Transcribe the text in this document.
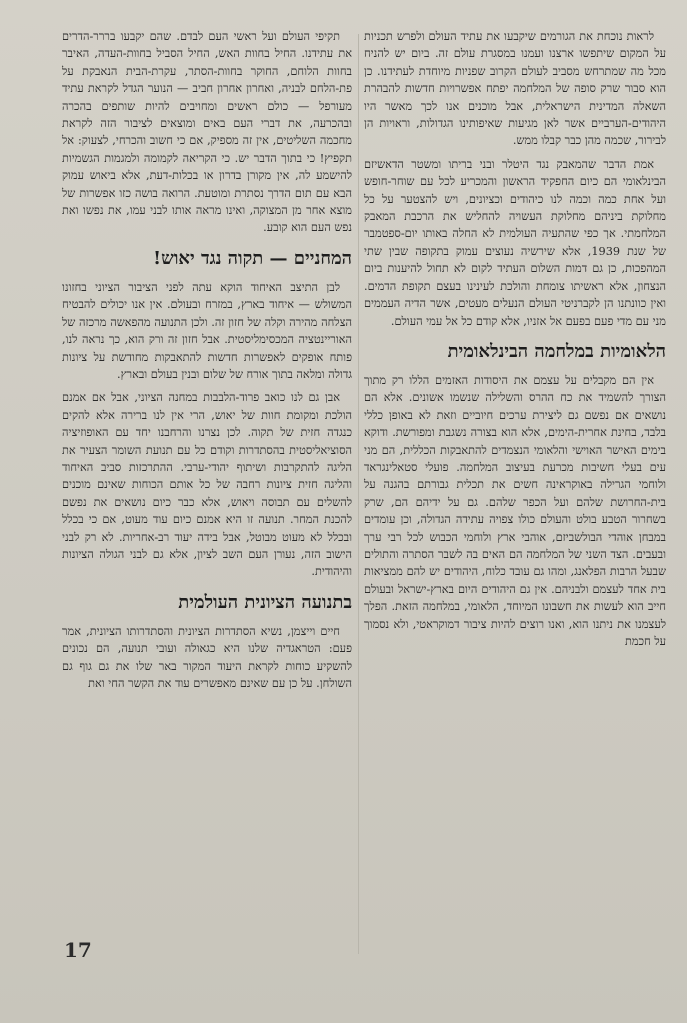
לראות נוכחת את הגורמים שיקבעו את עתיד העולם ולפרש תכניות על המקום שיתפשו ארצנו ועמנו במסגרת עולם זה. ביום יש להניח מכל מה שמתרחש מסביב לעולם הקרוב שפניות מיוחדת לעתידנו. כן הוא סבור שרק סופה של המלחמה יפתח אפשרויות חדשות להבהרת השאלה המדינית הישראלית, אבל מוכנים אנו לכך מאשר היו היהודים-הערביים אשר לאן מגיעות שאיפותינו הגדולות, וראויות הן לבירור, שכמה מהן כבר קבלו ממש.

אמת הדבר שהמאבק נגד היטלר ובני בריתו ומשטר הדאשיזם הבינלאומי הם כיום החפקיד הראשון והמכריע לכל עם שוחר-חופש ועל אחת כמה וכמה לנו כיהודים וכציונים, ויש להצטער על כל מחלוקת ביניהם מחלוקת העשויה להחליש את הרכבת המאבק המלחמתי. אך כפי שהתעיה העולמית לא החלה באותו יום-ספטמבר של שנת 1939, אלא שירשיה נעוצים עמוק בתקופה שבין שתי המהפכות, כן גם דמות השלום העתיד לקום לא תחול להיענות ביום הנצחון, אלא ראשיתו צומחת והולכת לעינינו בעצם תקופת הדמים. ואין כוונתנו הן לקברניטי העולם הנעלים מעטים, אשר הדיה העממים מני עם מדי פעם בפעם אל אזניו, אלא קודם כל אל עמי העולם.

הלאומיות במלחמה הבינלאומית

אין הם מקבלים על עצמם את היסודות האזמים הללו רק מתוך הצורך להשמיד את כח ההרס והשלילה שנשמו אשונים. אלא הם נושאים אם נפשם גם ליצירת ערכים חיוביים וזאת לא באופן כללי בלבד, בחינת אחרית-הימים, אלא הוא בצורה נשגבת ומפורשת. ודוקא בימים האישר האוישי והלאומי הנצמדים להתאבקות הכללית, הם מני עים בעלי חשיבות מכרעת בעיצוב המלחמה. פועלי סטאלינגראד ולוחמי הגרילה באוקראינה חשים את תכלית גבורתם בהגנה על בית-החרושת שלהם ועל הכפר שלהם. גם על ידיהם הם, שרק בשחרור הטבע בולט והעולם כולו צפויה עתידה הגדולה, וכן עומדים במבחן אוהדי הבולשביזם, אוהבי ארץ ולוחמי הכבוש לכל רבי ערך ובעבים. הצד השני של המלחמה הם האים בה לשבר הסתרה והתולים שבעל הרבות הפלאנג, ומהו גם עובד כלוח, היהודים יש להם ממציאות בית אחד לעצמם ולבניהם. אין גם היהודים היום בארץ-ישראל ובעולם חייב הוא לעשות את חשבונו המיוחד, הלאומי, במלחמה הזאת. הפלך לעצמנו את ניתנו הוא, ואנו רוצים להיות ציבור דמוקראטי, ולא נסמוך על חכמת

תקיפי העולם ועל ראשי העם לבדם. שהם יקבעו בררר-הדרים את עתידנו. החיל בחוות האש, החיל הסביל בחוות-העדה, האיבר בחוות הלוחם, החוקר בחוות-הסתר, עקרת-הבית הנאבקת על פת-הלחם לבניה, ואחרון אחרון חביב — הנוער הגדל לקראת עתיד מעורפל — כולם ראשים ומחויבים להיות שותפים בהכרה ובהכרעה, את דברי העם באים ומוצאים לציבור הזה לקראת מחכמה השליטים, אין זה מספיק, אם כי חשוב והכרחי, לצעוק: אל תקפיץ! כי בתוך הדבר יש. כי הקריאה לקמומה ולמגמות הגשמיות להישמע לה, אין מקורן בדרון או בכלות-דעת, אלא ביאוש עמוק הבא עם תום הדרך נסתרת ומוטעת. הרואה בושה כזו אפשרות של מוצא אחר מן המצוקה, ואינו מראה אותו לבני עמו, את נפשו ואת נפש העם הוא קובע.

המחניים — תקוה נגד יאוש!

לבן התיצב האיחוד הוקא עתה לפני הציבור הציוני בחזונו המשולש — איחוד בארץ, במזרח ובעולם. אין אנו יכולים להבטיח הצלחה מהירה וקלה של חזון זה. ולכן התנועה מהפאשה מרכזה של האוריינטציה המכסימליסטית. אבל חזון זה ורק הוא, כך נראה לנו, פותח אופקים לאפשרות חדשות להתאבקות מחודשת על ציונות גדולה ומלאה בתוך אורח של שלום ובנין בעולם ובארץ.

אבן גם לנו כואב פרוד-הלבבות במחנה הציוני, אבל אם אמנם הולכת ומקומת חוות של יאוש, הרי אין לנו ברירה אלא להקים כנגדה חזית של תקוה. לכן נצרנו והרחבנו יחד עם האופוזיציה הסוציאליסטית בהסתדרות וקודם כל עם תנועת השומר הצעיר את הליגה להתקרבות ושיתוף יהודי-ערבי. ההתרכזות סביב האיחוד והליגה חזית ציונות רחבה של כל אותם הכוחות שאינם מוכנים להשלים עם תבוסה ויאוש, אלא כבר כיום נושאים את נפשם להכנת המחר. תנועה זו היא אמנם כיום עוד מעוט, אם כי בכלל ובכלל לא מעוט מבוטל, אבל בידה יעוד רב-אחריות. לא רק לבני הישוב הזה, נעורן העם השב לציון, אלא גם לבני הגולה הציונות והיהודית.

בתנועה הציונית העולמית

חיים וייצמן, נשיא הסתדרות הציונית והסתדרותו הציונית, אמר פעם: הטראגדיה שלנו היא כגאולה ועובי תנועה, הם נכונים להשקיע כוחות לקראת היעוד המקור באר שלו את גם גוף גם השולחן. על כן עם שאינם מאפשרים עוד את הקשר החי ואת

17
